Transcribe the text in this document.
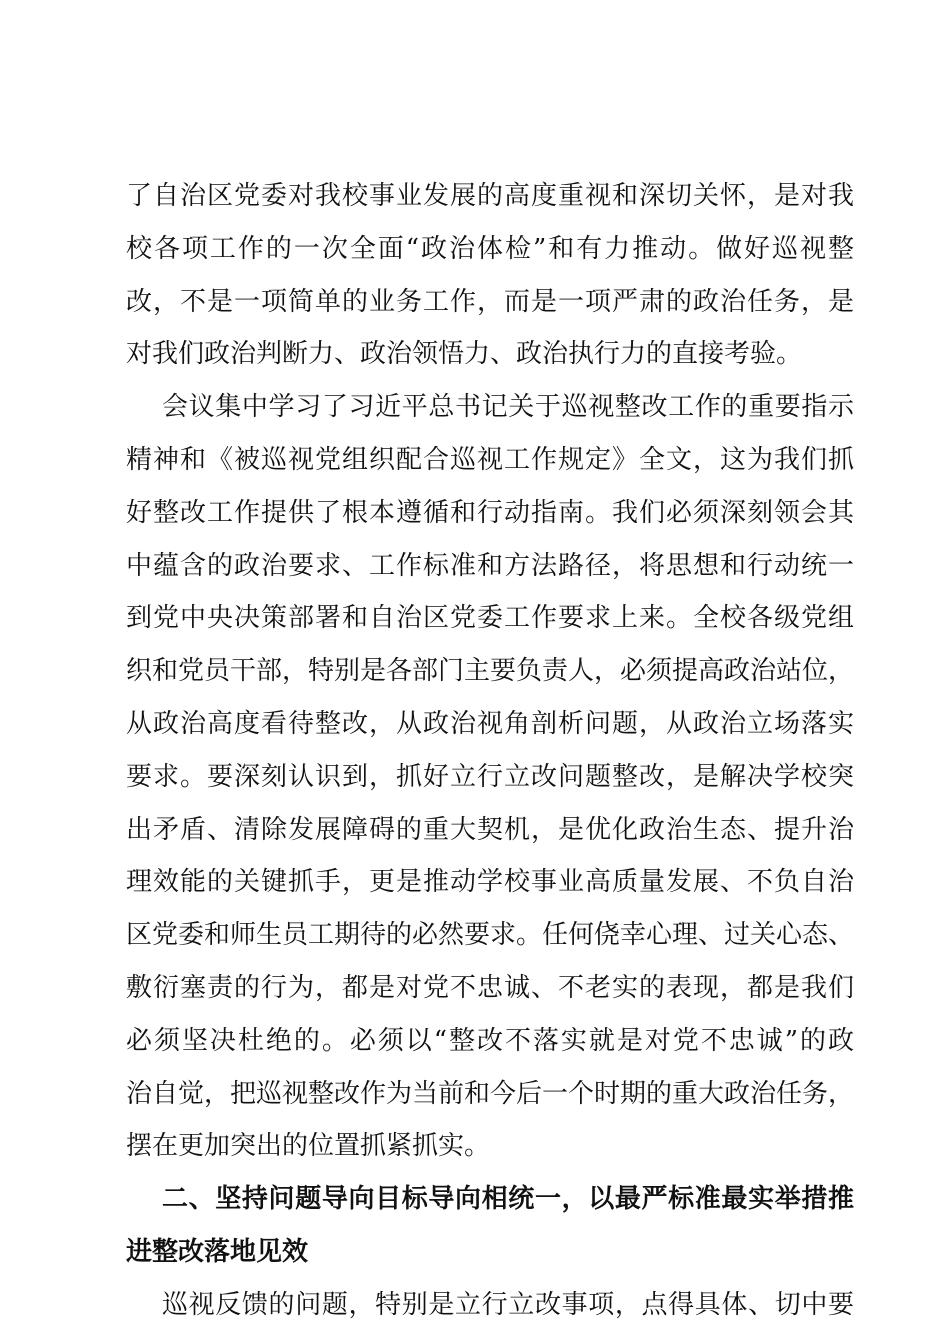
了自治区党委对我校事业发展的高度重视和深切关怀，是对我
校各项工作的一次全面“政治体检”和有力推动。做好巡视整
改，不是一项简单的业务工作，而是一项严肃的政治任务，是
对我们政治判断力、政治领悟力、政治执行力的直接考验。
会议集中学习了习近平总书记关于巡视整改工作的重要指示
精神和《被巡视党组织配合巡视工作规定》全文，这为我们抓
好整改工作提供了根本遵循和行动指南。我们必须深刻领会其
中蕴含的政治要求、工作标准和方法路径，将思想和行动统一
到党中央决策部署和自治区党委工作要求上来。全校各级党组
织和党员干部，特别是各部门主要负责人，必须提高政治站位，
从政治高度看待整改，从政治视角剖析问题，从政治立场落实
要求。要深刻认识到，抓好立行立改问题整改，是解决学校突
出矛盾、清除发展障碍的重大契机，是优化政治生态、提升治
理效能的关键抓手，更是推动学校事业高质量发展、不负自治
区党委和师生员工期待的必然要求。任何侥幸心理、过关心态、
敷衍塞责的行为，都是对党不忠诚、不老实的表现，都是我们
必须坚决杜绝的。必须以“整改不落实就是对党不忠诚”的政
治自觉，把巡视整改作为当前和今后一个时期的重大政治任务，
摆在更加突出的位置抓紧抓实。
二、坚持问题导向目标导向相统一，以最严标准最实举措推
进整改落地见效
巡视反馈的问题，特别是立行立改事项，点得具体、切中要
